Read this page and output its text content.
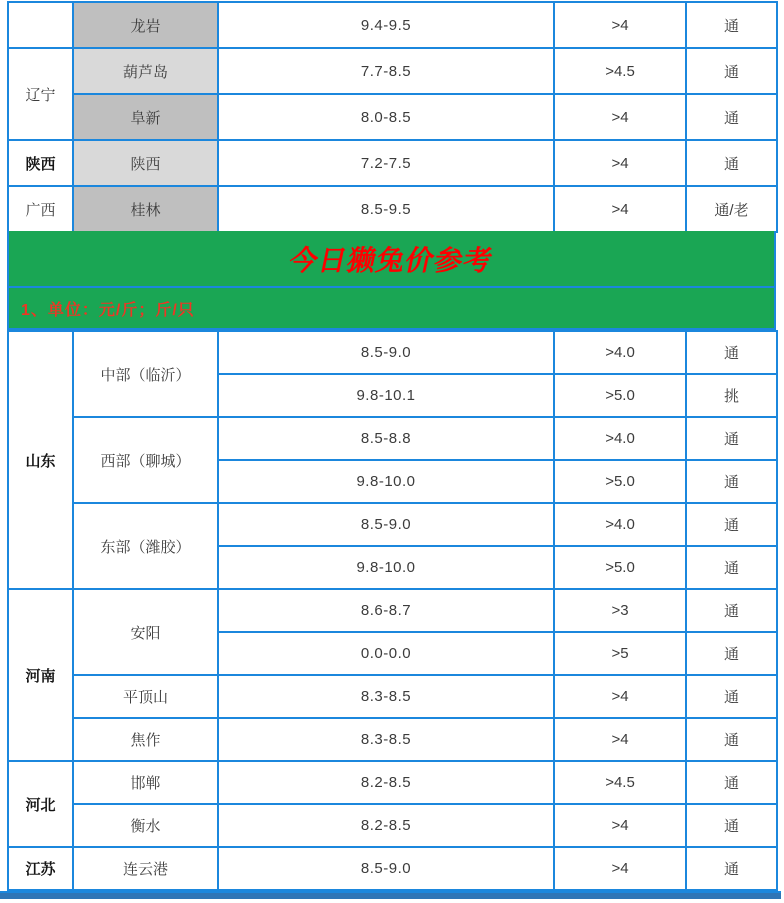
	龙岩	9.4-9.5	>4	通
辽宁	葫芦岛	7.7-8.5	>4.5	通
	阜新	8.0-8.5	>4	通
陕西	陕西	7.2-7.5	>4	通
广西	桂林	8.5-9.5	>4	通/老
今日獭兔价参考
1、单位：元/斤；斤/只
山东	中部（临沂）	8.5-9.0	>4.0	通
		9.8-10.1	>5.0	挑
	西部（聊城）	8.5-8.8	>4.0	通
		9.8-10.0	>5.0	通
	东部（潍胶）	8.5-9.0	>4.0	通
		9.8-10.0	>5.0	通
河南	安阳	8.6-8.7	>3	通
		0.0-0.0	>5	通
	平顶山	8.3-8.5	>4	通
	焦作	8.3-8.5	>4	通
河北	邯郸	8.2-8.5	>4.5	通
	衡水	8.2-8.5	>4	通
江苏	连云港	8.5-9.0	>4	通
